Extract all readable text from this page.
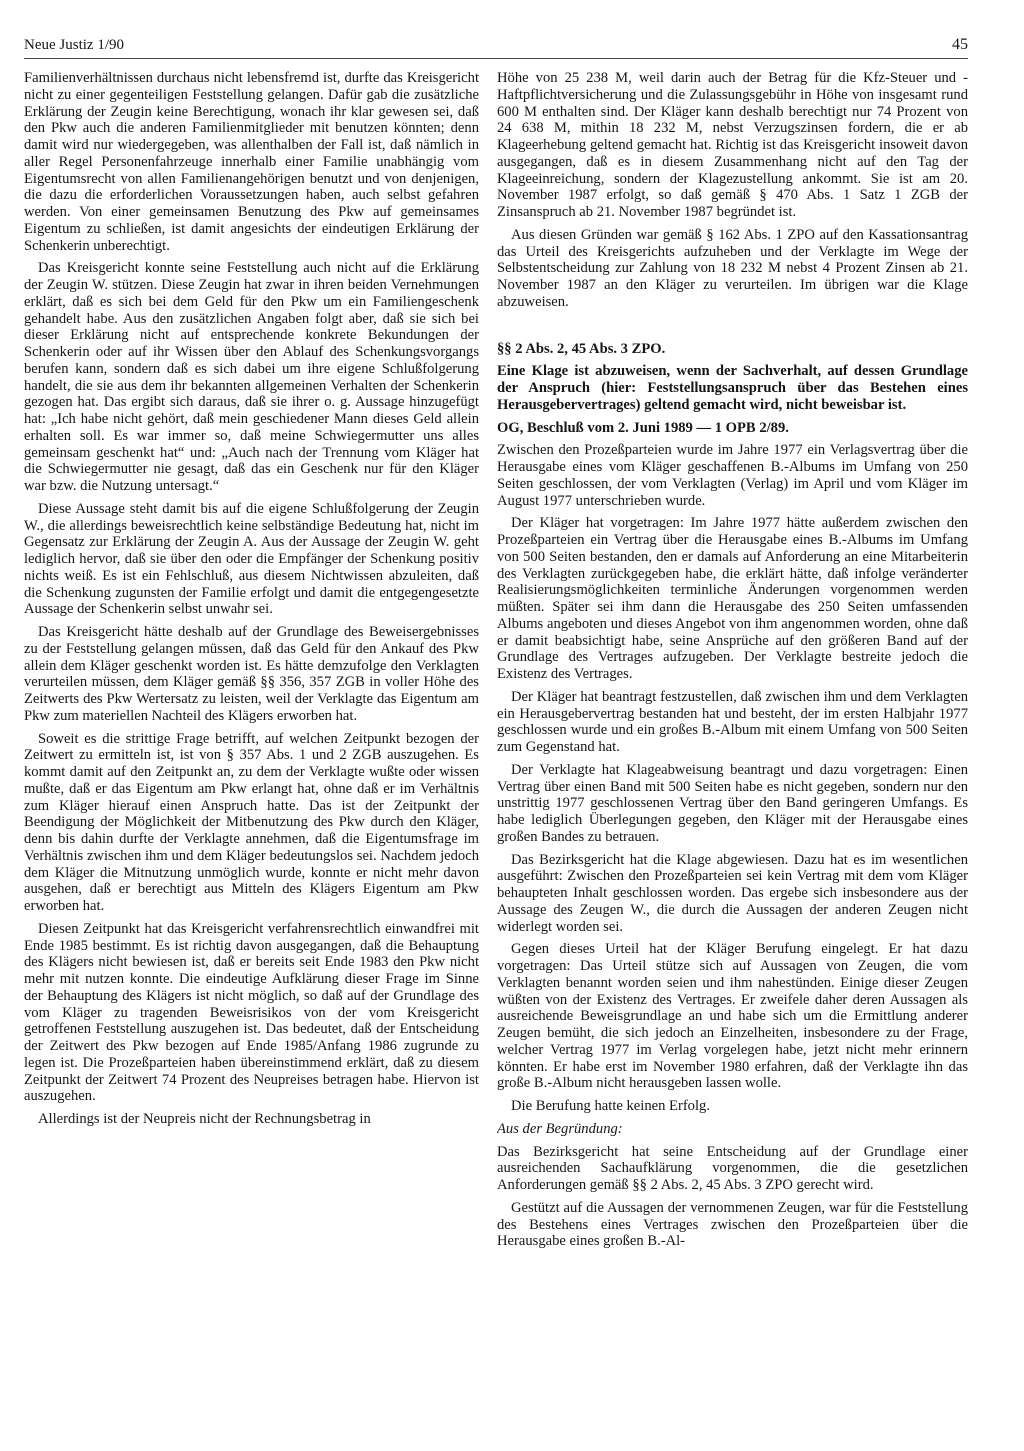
Neue Justiz 1/90	45

Familienverhältnissen durchaus nicht lebensfremd ist, durfte das Kreisgericht nicht zu einer gegenteiligen Feststellung gelangen. Dafür gab die zusätzliche Erklärung der Zeugin keine Berechtigung, wonach ihr klar gewesen sei, daß den Pkw auch die anderen Familienmitglieder mit benutzen könnten; denn damit wird nur wiedergegeben, was allenthalben der Fall ist, daß nämlich in aller Regel Personenfahrzeuge innerhalb einer Familie unabhängig vom Eigentumsrecht von allen Familienangehörigen benutzt und von denjenigen, die dazu die erforderlichen Voraussetzungen haben, auch selbst gefahren werden. Von einer gemeinsamen Benutzung des Pkw auf gemeinsames Eigentum zu schließen, ist damit angesichts der eindeutigen Erklärung der Schenkerin unberechtigt.

Das Kreisgericht konnte seine Feststellung auch nicht auf die Erklärung der Zeugin W. stützen. Diese Zeugin hat zwar in ihren beiden Vernehmungen erklärt, daß es sich bei dem Geld für den Pkw um ein Familiengeschenk gehandelt habe. Aus den zusätzlichen Angaben folgt aber, daß sie sich bei dieser Erklärung nicht auf entsprechende konkrete Bekundungen der Schenkerin oder auf ihr Wissen über den Ablauf des Schenkungsvorgangs berufen kann, sondern daß es sich dabei um ihre eigene Schlußfolgerung handelt, die sie aus dem ihr bekannten allgemeinen Verhalten der Schenkerin gezogen hat. Das ergibt sich daraus, daß sie ihrer o. g. Aussage hinzugefügt hat: „Ich habe nicht gehört, daß mein geschiedener Mann dieses Geld allein erhalten soll. Es war immer so, daß meine Schwiegermutter uns alles gemeinsam geschenkt hat“ und: „Auch nach der Trennung vom Kläger hat die Schwiegermutter nie gesagt, daß das ein Geschenk nur für den Kläger war bzw. die Nutzung untersagt.“

Diese Aussage steht damit bis auf die eigene Schlußfolgerung der Zeugin W., die allerdings beweisrechtlich keine selbständige Bedeutung hat, nicht im Gegensatz zur Erklärung der Zeugin A. Aus der Aussage der Zeugin W. geht lediglich hervor, daß sie über den oder die Empfänger der Schenkung positiv nichts weiß. Es ist ein Fehlschluß, aus diesem Nichtwissen abzuleiten, daß die Schenkung zugunsten der Familie erfolgt und damit die entgegengesetzte Aussage der Schenkerin selbst unwahr sei.

Das Kreisgericht hätte deshalb auf der Grundlage des Beweisergebnisses zu der Feststellung gelangen müssen, daß das Geld für den Ankauf des Pkw allein dem Kläger geschenkt worden ist. Es hätte demzufolge den Verklagten verurteilen müssen, dem Kläger gemäß §§ 356, 357 ZGB in voller Höhe des Zeitwerts des Pkw Wertersatz zu leisten, weil der Verklagte das Eigentum am Pkw zum materiellen Nachteil des Klägers erworben hat.

Soweit es die strittige Frage betrifft, auf welchen Zeitpunkt bezogen der Zeitwert zu ermitteln ist, ist von § 357 Abs. 1 und 2 ZGB auszugehen. Es kommt damit auf den Zeitpunkt an, zu dem der Verklagte wußte oder wissen mußte, daß er das Eigentum am Pkw erlangt hat, ohne daß er im Verhältnis zum Kläger hierauf einen Anspruch hatte. Das ist der Zeitpunkt der Beendigung der Möglichkeit der Mitbenutzung des Pkw durch den Kläger, denn bis dahin durfte der Verklagte annehmen, daß die Eigentumsfrage im Verhältnis zwischen ihm und dem Kläger bedeutungslos sei. Nachdem jedoch dem Kläger die Mitnutzung unmöglich wurde, konnte er nicht mehr davon ausgehen, daß er berechtigt aus Mitteln des Klägers Eigentum am Pkw erworben hat.

Diesen Zeitpunkt hat das Kreisgericht verfahrensrechtlich einwandfrei mit Ende 1985 bestimmt. Es ist richtig davon ausgegangen, daß die Behauptung des Klägers nicht bewiesen ist, daß er bereits seit Ende 1983 den Pkw nicht mehr mit nutzen konnte. Die eindeutige Aufklärung dieser Frage im Sinne der Behauptung des Klägers ist nicht möglich, so daß auf der Grundlage des vom Kläger zu tragenden Beweisrisikos von der vom Kreisgericht getroffenen Feststellung auszugehen ist. Das bedeutet, daß der Entscheidung der Zeitwert des Pkw bezogen auf Ende 1985/Anfang 1986 zugrunde zu legen ist. Die Prozeßparteien haben übereinstimmend erklärt, daß zu diesem Zeitpunkt der Zeitwert 74 Prozent des Neupreises betragen habe. Hiervon ist auszugehen.

Allerdings ist der Neupreis nicht der Rechnungsbetrag in

Höhe von 25 238 M, weil darin auch der Betrag für die Kfz-Steuer und -Haftpflichtversicherung und die Zulassungsgebühr in Höhe von insgesamt rund 600 M enthalten sind. Der Kläger kann deshalb berechtigt nur 74 Prozent von 24 638 M, mithin 18 232 M, nebst Verzugszinsen fordern, die er ab Klageerhebung geltend gemacht hat. Richtig ist das Kreisgericht insoweit davon ausgegangen, daß es in diesem Zusammenhang nicht auf den Tag der Klageeinreichung, sondern der Klagezustellung ankommt. Sie ist am 20. November 1987 erfolgt, so daß gemäß § 470 Abs. 1 Satz 1 ZGB der Zinsanspruch ab 21. November 1987 begründet ist.

Aus diesen Gründen war gemäß § 162 Abs. 1 ZPO auf den Kassationsantrag das Urteil des Kreisgerichts aufzuheben und der Verklagte im Wege der Selbstentscheidung zur Zahlung von 18 232 M nebst 4 Prozent Zinsen ab 21. November 1987 an den Kläger zu verurteilen. Im übrigen war die Klage abzuweisen.

§§ 2 Abs. 2, 45 Abs. 3 ZPO.

Eine Klage ist abzuweisen, wenn der Sachverhalt, auf dessen Grundlage der Anspruch (hier: Feststellungsanspruch über das Bestehen eines Herausgebervertrages) geltend gemacht wird, nicht beweisbar ist.

OG, Beschluß vom 2. Juni 1989 — 1 OPB 2/89.

Zwischen den Prozeßparteien wurde im Jahre 1977 ein Verlagsvertrag über die Herausgabe eines vom Kläger geschaffenen B.-Albums im Umfang von 250 Seiten geschlossen, der vom Verklagten (Verlag) im April und vom Kläger im August 1977 unterschrieben wurde.

Der Kläger hat vorgetragen: Im Jahre 1977 hätte außerdem zwischen den Prozeßparteien ein Vertrag über die Herausgabe eines B.-Albums im Umfang von 500 Seiten bestanden, den er damals auf Anforderung an eine Mitarbeiterin des Verklagten zurückgegeben habe, die erklärt hätte, daß infolge veränderter Realisierungsmöglichkeiten terminliche Änderungen vorgenommen werden müßten. Später sei ihm dann die Herausgabe des 250 Seiten umfassenden Albums angeboten und dieses Angebot von ihm angenommen worden, ohne daß er damit beabsichtigt habe, seine Ansprüche auf den größeren Band auf der Grundlage des Vertrages aufzugeben. Der Verklagte bestreite jedoch die Existenz des Vertrages.

Der Kläger hat beantragt festzustellen, daß zwischen ihm und dem Verklagten ein Herausgebervertrag bestanden hat und besteht, der im ersten Halbjahr 1977 geschlossen wurde und ein großes B.-Album mit einem Umfang von 500 Seiten zum Gegenstand hat.

Der Verklagte hat Klageabweisung beantragt und dazu vorgetragen: Einen Vertrag über einen Band mit 500 Seiten habe es nicht gegeben, sondern nur den unstrittig 1977 geschlossenen Vertrag über den Band geringeren Umfangs. Es habe lediglich Überlegungen gegeben, den Kläger mit der Herausgabe eines großen Bandes zu betrauen.

Das Bezirksgericht hat die Klage abgewiesen. Dazu hat es im wesentlichen ausgeführt: Zwischen den Prozeßparteien sei kein Vertrag mit dem vom Kläger behaupteten Inhalt geschlossen worden. Das ergebe sich insbesondere aus der Aussage des Zeugen W., die durch die Aussagen der anderen Zeugen nicht widerlegt worden sei.

Gegen dieses Urteil hat der Kläger Berufung eingelegt. Er hat dazu vorgetragen: Das Urteil stütze sich auf Aussagen von Zeugen, die vom Verklagten benannt worden seien und ihm nahestünden. Einige dieser Zeugen wüßten von der Existenz des Vertrages. Er zweifele daher deren Aussagen als ausreichende Beweisgrundlage an und habe sich um die Ermittlung anderer Zeugen bemüht, die sich jedoch an Einzelheiten, insbesondere zu der Frage, welcher Vertrag 1977 im Verlag vorgelegen habe, jetzt nicht mehr erinnern könnten. Er habe erst im November 1980 erfahren, daß der Verklagte ihn das große B.-Album nicht herausgeben lassen wolle.

Die Berufung hatte keinen Erfolg.

Aus der Begründung:

Das Bezirksgericht hat seine Entscheidung auf der Grundlage einer ausreichenden Sachaufklärung vorgenommen, die die gesetzlichen Anforderungen gemäß §§ 2 Abs. 2, 45 Abs. 3 ZPO gerecht wird.

Gestützt auf die Aussagen der vernommenen Zeugen, war für die Feststellung des Bestehens eines Vertrages zwischen den Prozeßparteien über die Herausgabe eines großen B.-Al-
